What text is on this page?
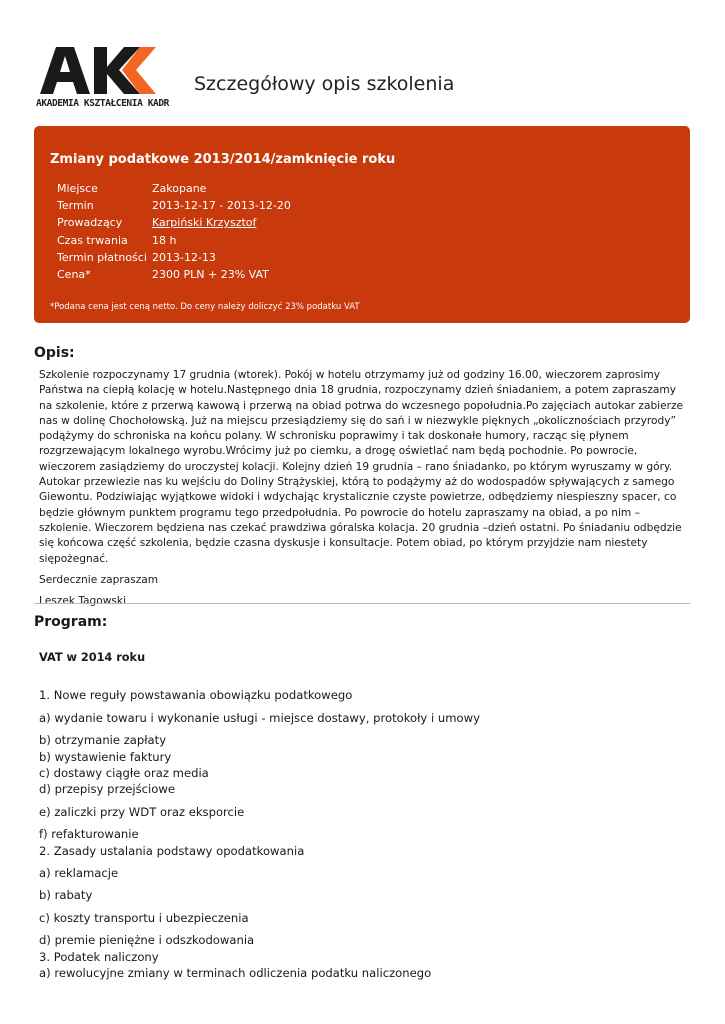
AKADEMIA KSZTAŁCENIA KADR
Szczegółowy opis szkolenia
Zmiany podatkowe 2013/2014/zamknięcie roku
Miejsce	Zakopane
Termin	2013-12-17 - 2013-12-20
Prowadzący	Karpiński Krzysztof
Czas trwania	18 h
Termin płatności	2013-12-13
Cena*	2300 PLN + 23% VAT
*Podana cena jest ceną netto. Do ceny należy doliczyć 23% podatku VAT
Opis:

Szkolenie rozpoczynamy 17 grudnia (wtorek). Pokój w hotelu otrzymamy już od godziny 16.00, wieczorem zaprosimy Państwa na ciepłą kolację w hotelu.Następnego dnia 18 grudnia, rozpoczynamy dzień śniadaniem, a potem zapraszamy na szkolenie, które z przerwą kawową i przerwą na obiad potrwa do wczesnego popołudnia.Po zajęciach autokar zabierze nas w dolinę Chochołowską. Już na miejscu przesiądziemy się do sań i w niezwykle pięknych „okolicznościach przyrody” podążymy do schroniska na końcu polany. W schronisku poprawimy i tak doskonałe humory, racząc się płynem rozgrzewającym lokalnego wyrobu.Wrócimy już po ciemku, a drogę oświetlać nam będą pochodnie. Po powrocie, wieczorem zasiądziemy do uroczystej kolacji. Kolejny dzień 19 grudnia – rano śniadanko, po którym wyruszamy w góry. Autokar przewiezie nas ku wejściu do Doliny Strążyskiej, którą to podążymy aż do wodospadów spływających z samego Giewontu. Podziwiając wyjątkowe widoki i wdychając krystalicznie czyste powietrze, odbędziemy niespieszny spacer, co będzie głównym punktem programu tego przedpołudnia. Po powrocie do hotelu zapraszamy na obiad, a po nim – szkolenie. Wieczorem będziena nas czekać prawdziwa góralska kolacja. 20 grudnia –dzień ostatni. Po śniadaniu odbędzie się końcowa część szkolenia, będzie czasna dyskusje i konsultacje. Potem obiad, po którym przyjdzie nam niestety siępożegnać.

Serdecznie zapraszam

Leszek Tagowski

Program:

VAT w 2014 roku

1. Nowe reguły powstawania obowiązku podatkowego

a) wydanie towaru i wykonanie usługi - miejsce dostawy, protokoły i umowy

b) otrzymanie zapłaty

b) wystawienie faktury

c) dostawy ciągłe oraz media

d) przepisy przejściowe

e) zaliczki przy WDT oraz eksporcie

f) refakturowanie

2. Zasady ustalania podstawy opodatkowania

a) reklamacje

b) rabaty

c) koszty transportu i ubezpieczenia

d) premie pieniężne i odszkodowania

3. Podatek naliczony

a) rewolucyjne zmiany w terminach odliczenia podatku naliczonego
